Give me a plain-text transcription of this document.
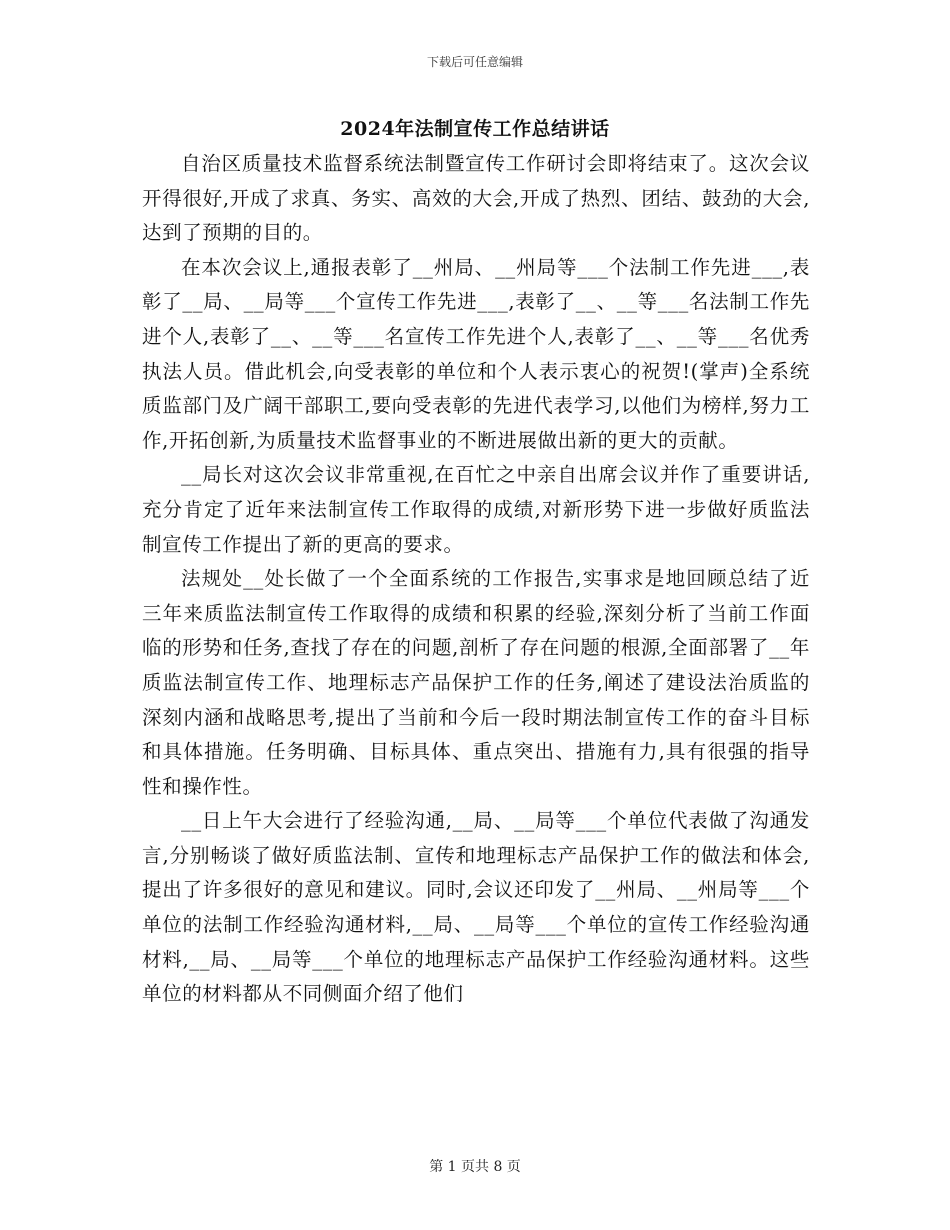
下载后可任意编辑
2024年法制宣传工作总结讲话

自治区质量技术监督系统法制暨宣传工作研讨会即将结束了。这次会议开得很好,开成了求真、务实、高效的大会,开成了热烈、团结、鼓劲的大会,达到了预期的目的。

在本次会议上,通报表彰了__州局、__州局等___个法制工作先进___,表彰了__局、__局等___个宣传工作先进___,表彰了__、__等___名法制工作先进个人,表彰了__、__等___名宣传工作先进个人,表彰了__、__等___名优秀执法人员。借此机会,向受表彰的单位和个人表示衷心的祝贺!(掌声)全系统质监部门及广阔干部职工,要向受表彰的先进代表学习,以他们为榜样,努力工作,开拓创新,为质量技术监督事业的不断进展做出新的更大的贡献。

__局长对这次会议非常重视,在百忙之中亲自出席会议并作了重要讲话,充分肯定了近年来法制宣传工作取得的成绩,对新形势下进一步做好质监法制宣传工作提出了新的更高的要求。

法规处__处长做了一个全面系统的工作报告,实事求是地回顾总结了近三年来质监法制宣传工作取得的成绩和积累的经验,深刻分析了当前工作面临的形势和任务,查找了存在的问题,剖析了存在问题的根源,全面部署了__年质监法制宣传工作、地理标志产品保护工作的任务,阐述了建设法治质监的深刻内涵和战略思考,提出了当前和今后一段时期法制宣传工作的奋斗目标和具体措施。任务明确、目标具体、重点突出、措施有力,具有很强的指导性和操作性。

__日上午大会进行了经验沟通,__局、__局等___个单位代表做了沟通发言,分别畅谈了做好质监法制、宣传和地理标志产品保护工作的做法和体会,提出了许多很好的意见和建议。同时,会议还印发了__州局、__州局等___个单位的法制工作经验沟通材料,__局、__局等___个单位的宣传工作经验沟通材料,__局、__局等___个单位的地理标志产品保护工作经验沟通材料。这些单位的材料都从不同侧面介绍了他们

第 1 页共 8 页
